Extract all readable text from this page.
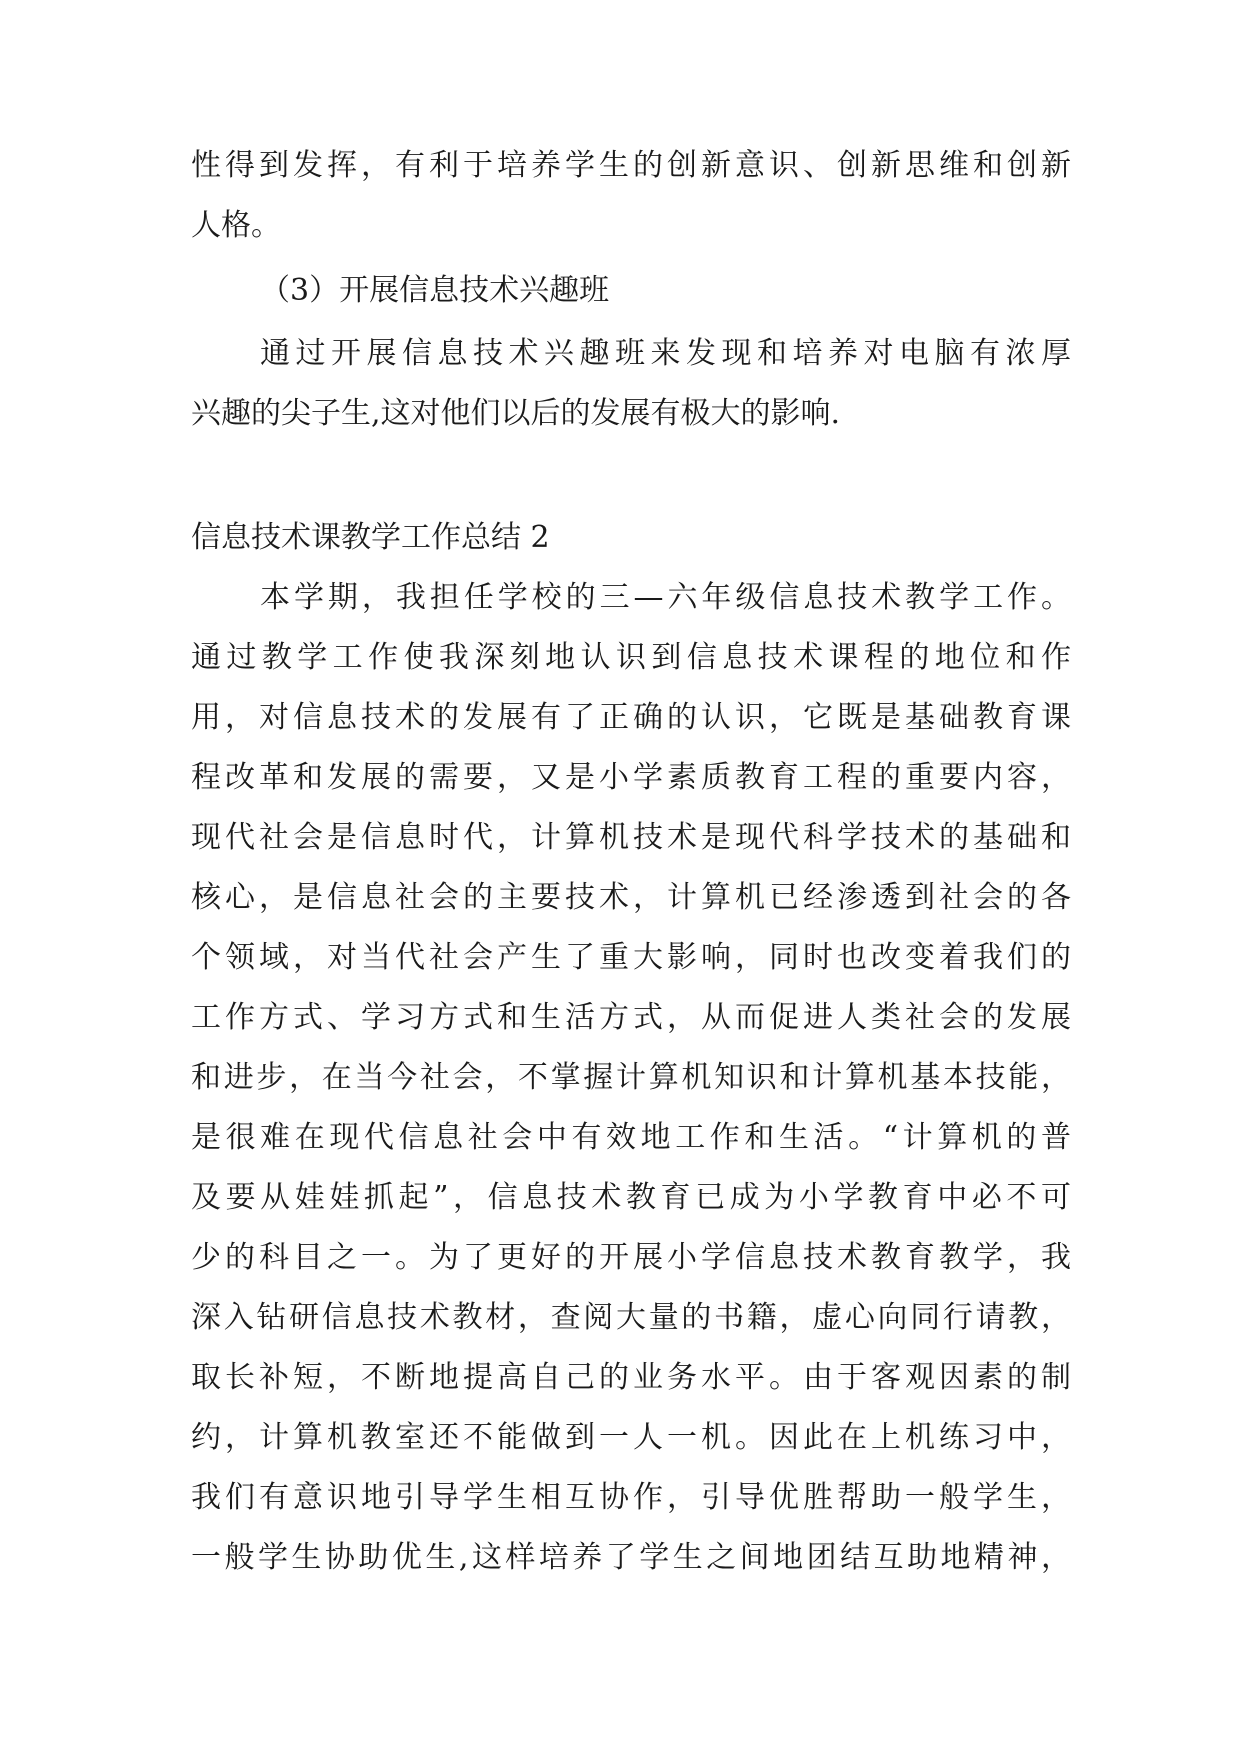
性得到发挥，有利于培养学生的创新意识、创新思维和创新
人格。
（3）开展信息技术兴趣班
通过开展信息技术兴趣班来发现和培养对电脑有浓厚
兴趣的尖子生,这对他们以后的发展有极大的影响.
信息技术课教学工作总结 2
本学期，我担任学校的三—六年级信息技术教学工作。
通过教学工作使我深刻地认识到信息技术课程的地位和作
用，对信息技术的发展有了正确的认识，它既是基础教育课
程改革和发展的需要，又是小学素质教育工程的重要内容，
现代社会是信息时代，计算机技术是现代科学技术的基础和
核心，是信息社会的主要技术，计算机已经渗透到社会的各
个领域，对当代社会产生了重大影响，同时也改变着我们的
工作方式、学习方式和生活方式，从而促进人类社会的发展
和进步，在当今社会，不掌握计算机知识和计算机基本技能，
是很难在现代信息社会中有效地工作和生活。“计算机的普
及要从娃娃抓起”，信息技术教育已成为小学教育中必不可
少的科目之一。为了更好的开展小学信息技术教育教学，我
深入钻研信息技术教材，查阅大量的书籍，虚心向同行请教，
取长补短，不断地提高自己的业务水平。由于客观因素的制
约，计算机教室还不能做到一人一机。因此在上机练习中，
我们有意识地引导学生相互协作，引导优胜帮助一般学生，
一般学生协助优生,这样培养了学生之间地团结互助地精神，
